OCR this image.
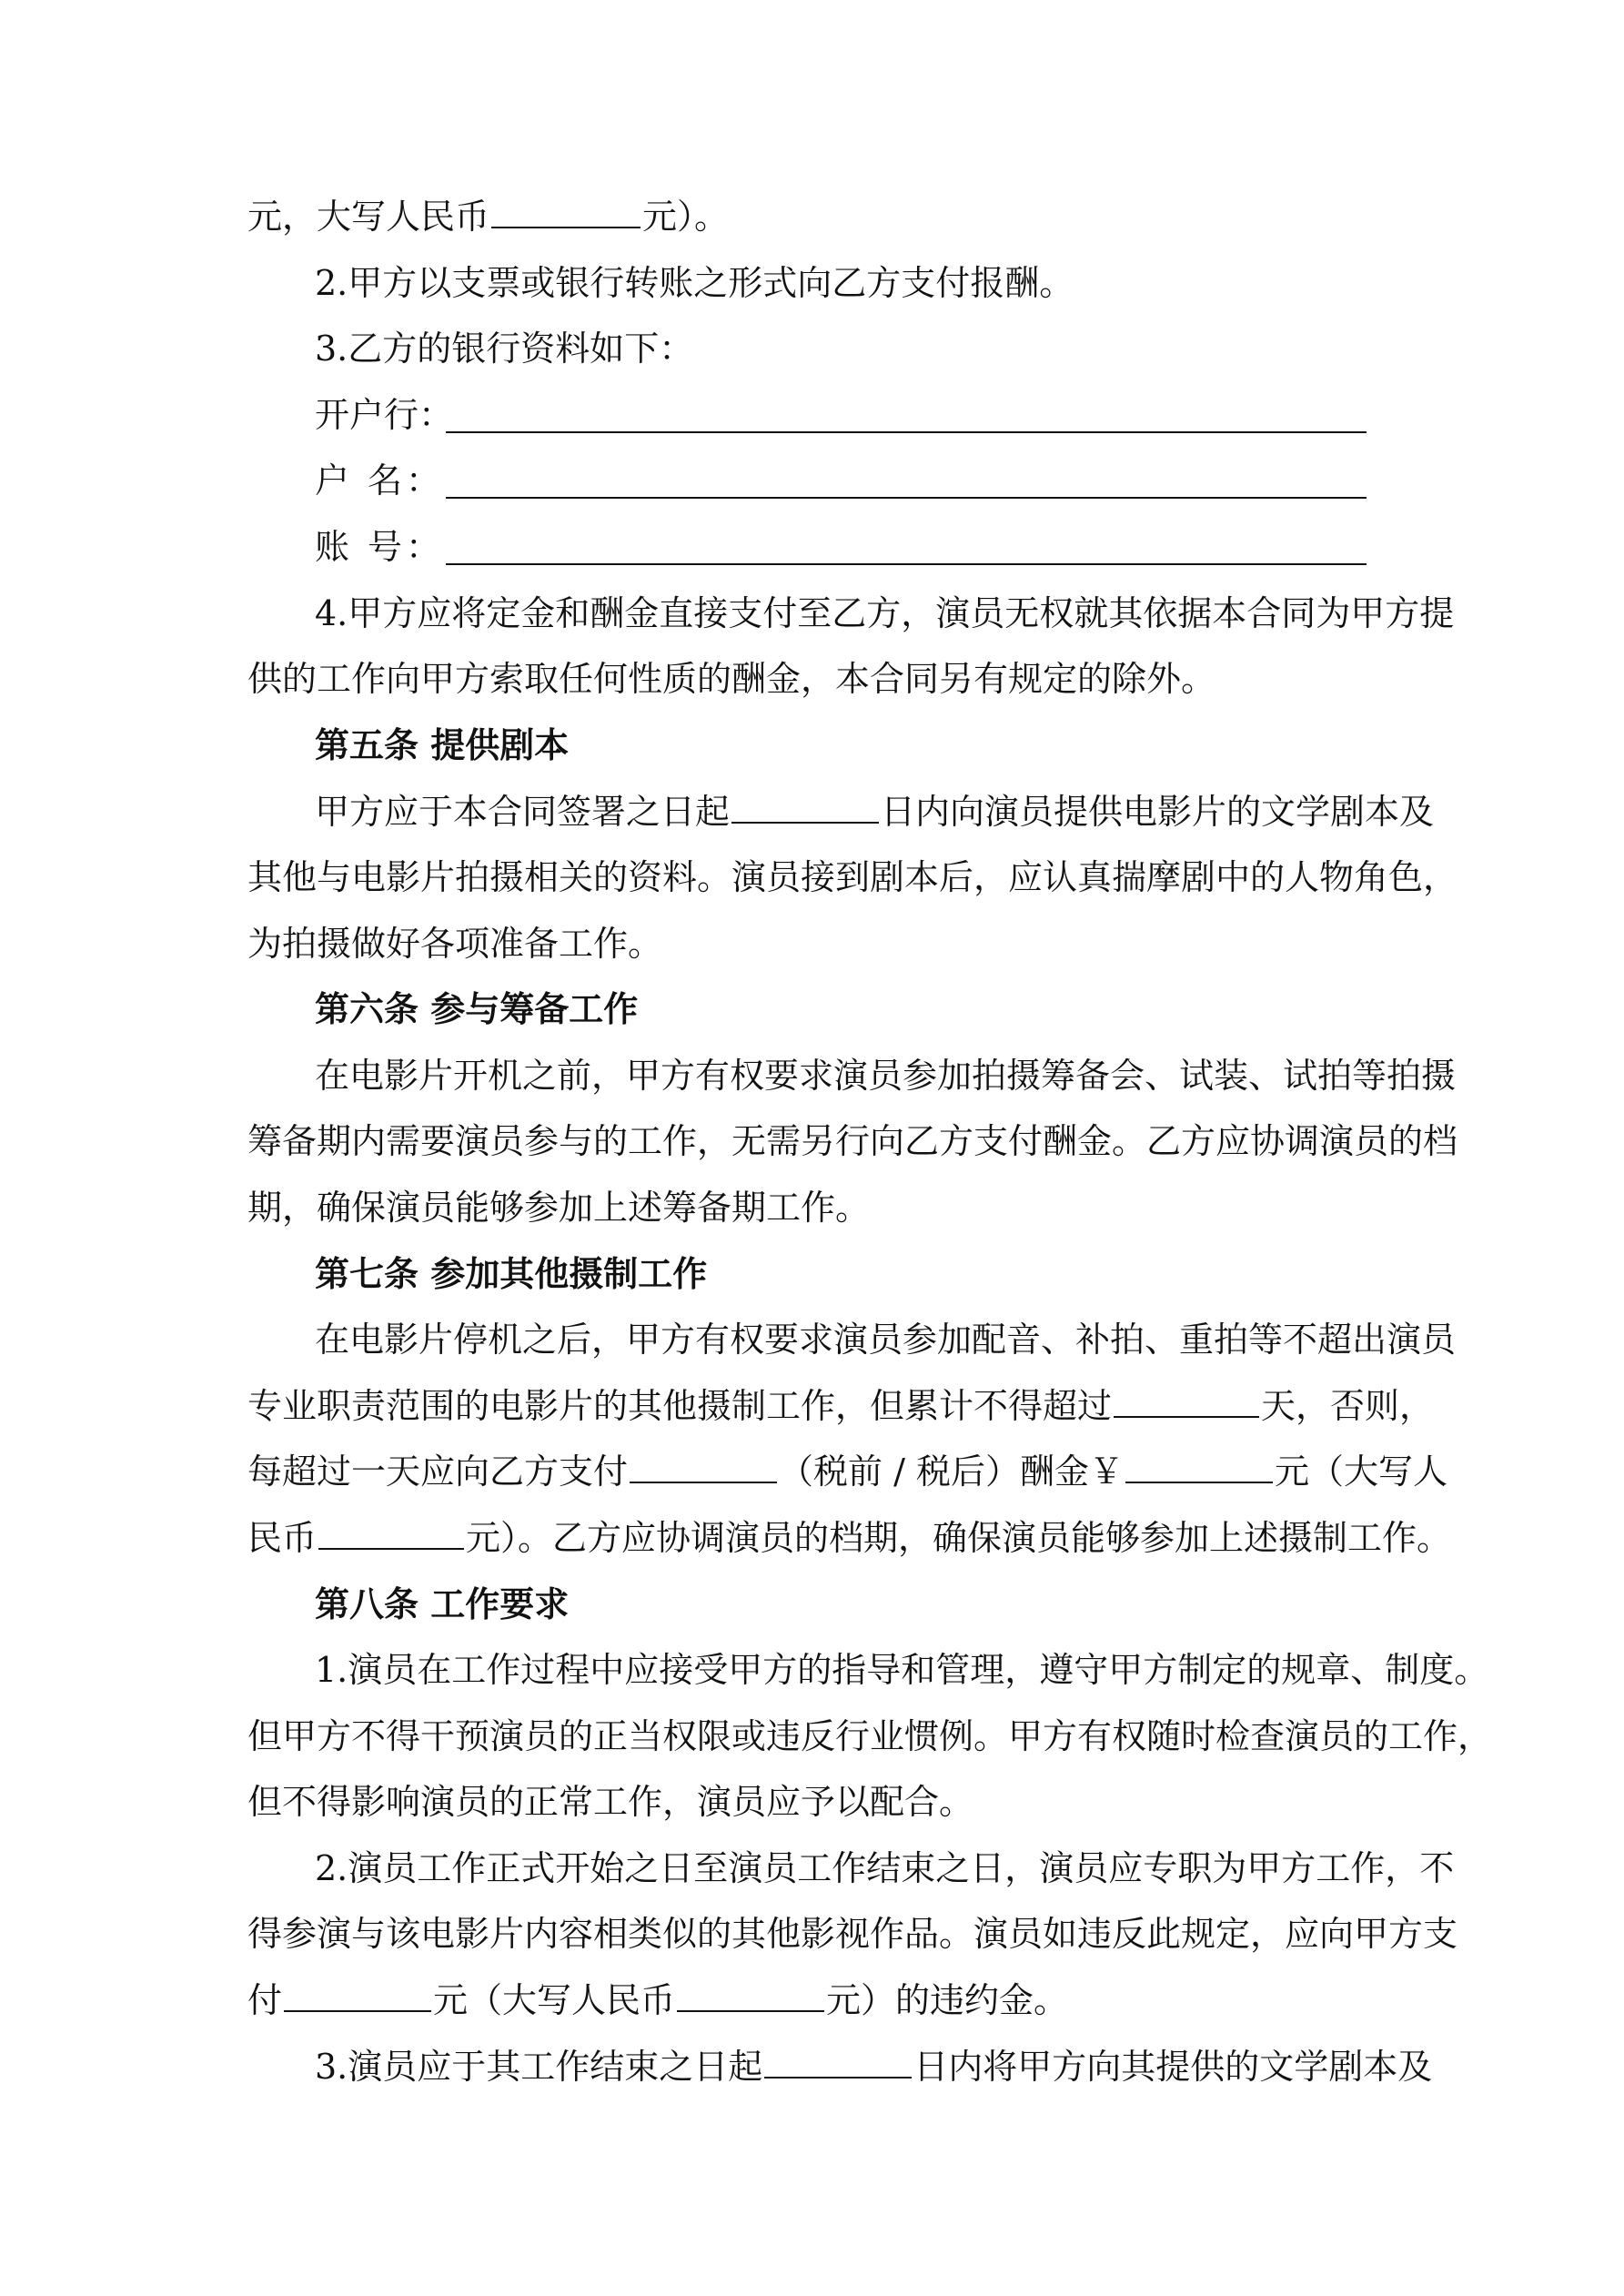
元，大写人民币	元）。
2.甲方以支票或银行转账之形式向乙方支付报酬。
3.乙方的银行资料如下：
开户行：
户 名：
账 号：
4.甲方应将定金和酬金直接支付至乙方，演员无权就其依据本合同为甲方提
供的工作向甲方索取任何性质的酬金，本合同另有规定的除外。
第五条 提供剧本
甲方应于本合同签署之日起	日内向演员提供电影片的文学剧本及
其他与电影片拍摄相关的资料。演员接到剧本后，应认真揣摩剧中的人物角色，
为拍摄做好各项准备工作。
第六条 参与筹备工作
在电影片开机之前，甲方有权要求演员参加拍摄筹备会、试装、试拍等拍摄
筹备期内需要演员参与的工作，无需另行向乙方支付酬金。乙方应协调演员的档
期，确保演员能够参加上述筹备期工作。
第七条 参加其他摄制工作
在电影片停机之后，甲方有权要求演员参加配音、补拍、重拍等不超出演员
专业职责范围的电影片的其他摄制工作，但累计不得超过	天，否则，
每超过一天应向乙方支付	（税前 / 税后）酬金￥	元（大写人
民币	元）。乙方应协调演员的档期，确保演员能够参加上述摄制工作。
第八条 工作要求
1.演员在工作过程中应接受甲方的指导和管理，遵守甲方制定的规章、制度。
但甲方不得干预演员的正当权限或违反行业惯例。甲方有权随时检查演员的工作，
但不得影响演员的正常工作，演员应予以配合。
2.演员工作正式开始之日至演员工作结束之日，演员应专职为甲方工作，不
得参演与该电影片内容相类似的其他影视作品。演员如违反此规定，应向甲方支
付	元（大写人民币	元）的违约金。
3.演员应于其工作结束之日起	日内将甲方向其提供的文学剧本及
